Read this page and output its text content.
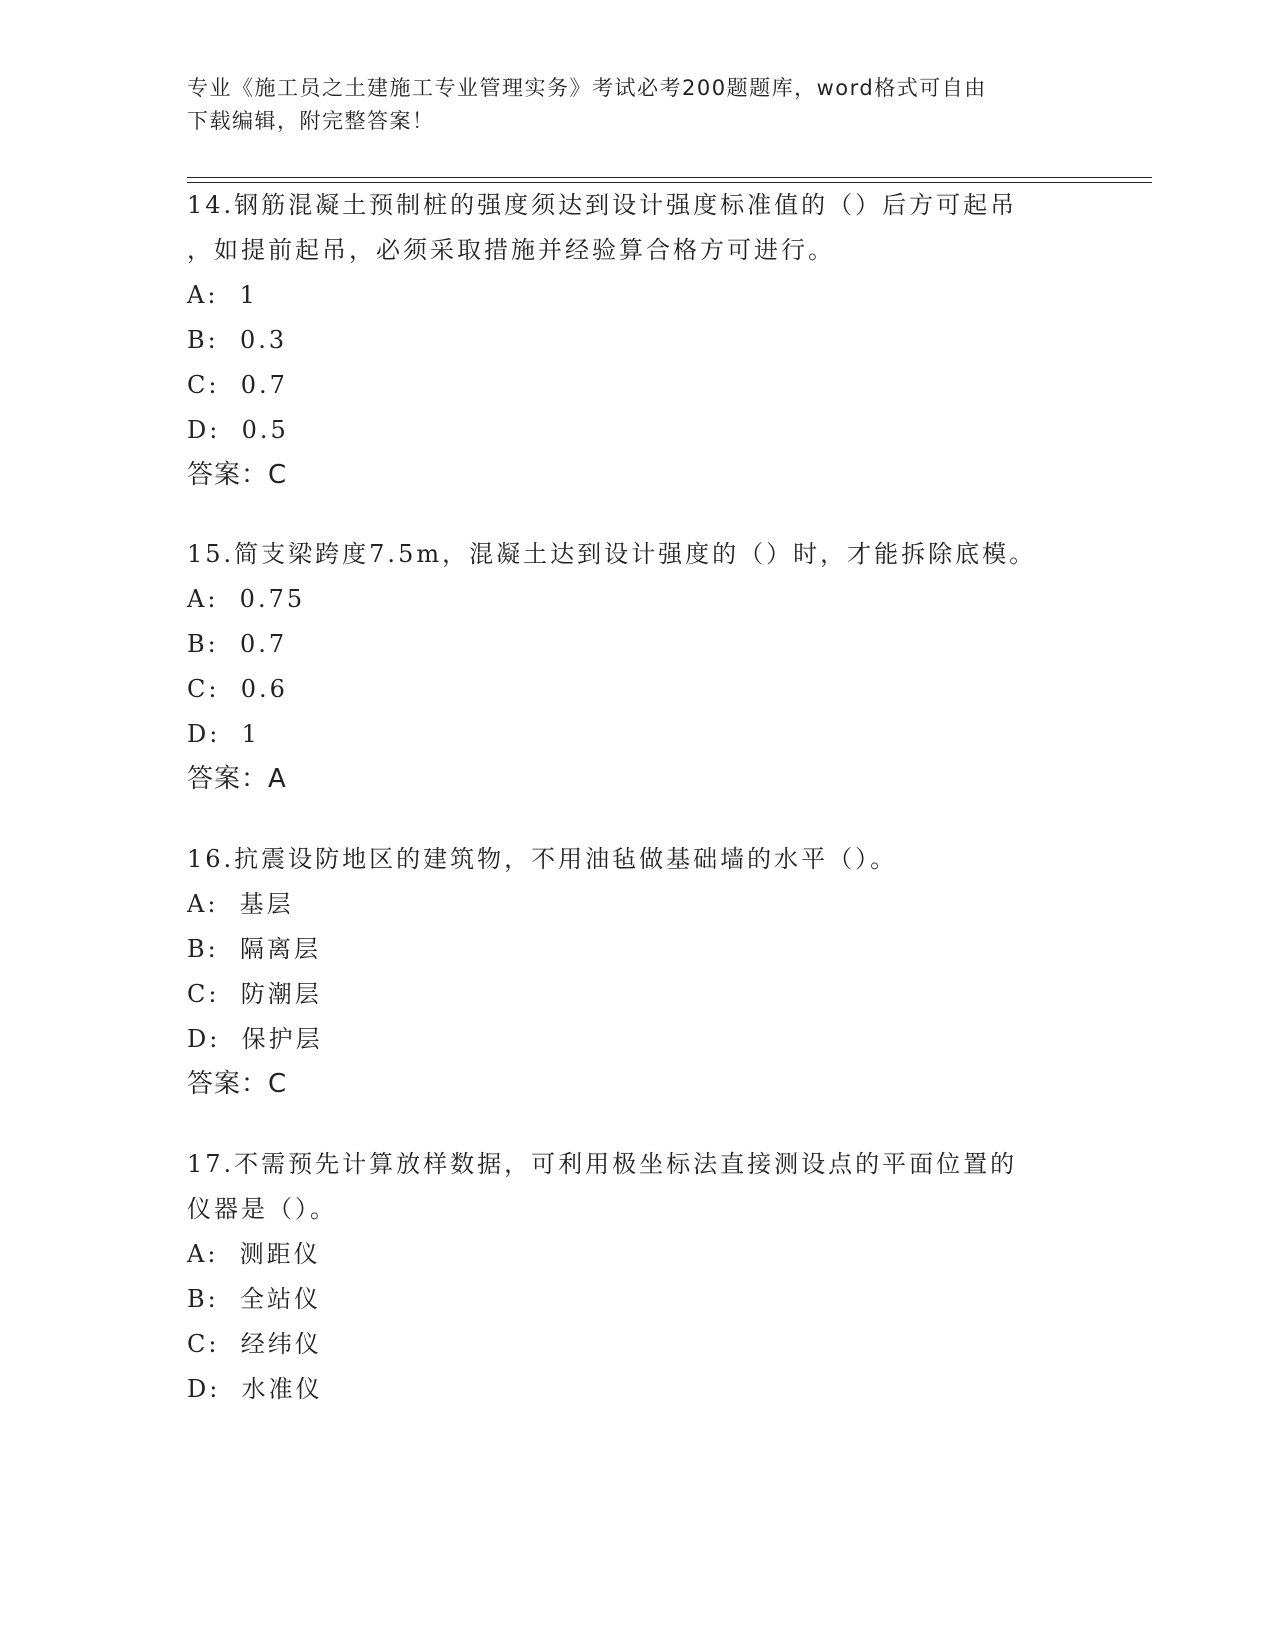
专业《施工员之土建施工专业管理实务》考试必考200题题库，word格式可自由
下载编辑，附完整答案！

14.钢筋混凝土预制桩的强度须达到设计强度标准值的（）后方可起吊

，如提前起吊，必须采取措施并经验算合格方可进行。

A:  1

B:  0.3

C:  0.7

D:  0.5

答案：C

15.简支梁跨度7.5m，混凝土达到设计强度的（）时，才能拆除底模。

A:  0.75

B:  0.7

C:  0.6

D:  1

答案：A

16.抗震设防地区的建筑物，不用油毡做基础墙的水平（）。

A:  基层

B:  隔离层

C:  防潮层

D:  保护层

答案：C

17.不需预先计算放样数据，可利用极坐标法直接测设点的平面位置的

仪器是（）。

A:  测距仪

B:  全站仪

C:  经纬仪

D:  水准仪
